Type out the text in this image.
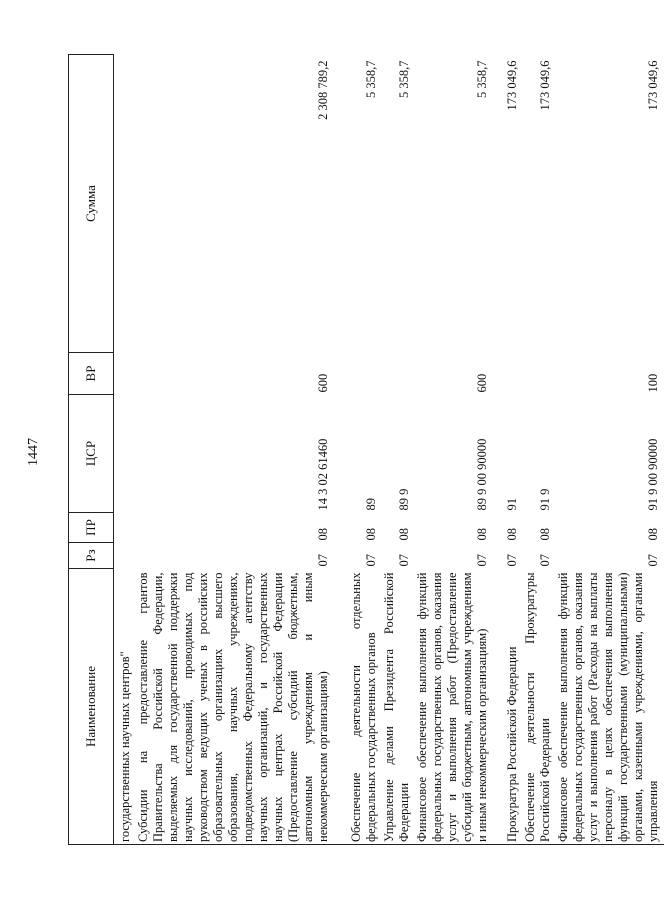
1447
Наименование	Рз	ПР	ЦСР	ВР	Сумма
государственных научных центров"					
Субсидии на предоставление грантов Правительства Российской Федерации, выделяемых для государственной поддержки научных исследований, проводимых под руководством ведущих ученых в российских образовательных организациях высшего образования, научных учреждениях, подведомственных Федеральному агентству научных организаций, и государственных научных центрах Российской Федерации (Предоставление субсидий бюджетным, автономным учреждениям и иным некоммерческим организациям)	07	08	14 3 02 61460	600	2 308 789,2
Обеспечение деятельности отдельных федеральных государственных органов	07	08	89		5 358,7
Управление делами Президента Российской Федерации	07	08	89 9		5 358,7
Финансовое обеспечение выполнения функций федеральных государственных органов, оказания услуг и выполнения работ (Предоставление субсидий бюджетным, автономным учреждениям и иным некоммерческим организациям)	07	08	89 9 00 90000	600	5 358,7
Прокуратура Российской Федерации	07	08	91		173 049,6
Обеспечение деятельности Прокуратуры Российской Федерации	07	08	91 9		173 049,6
Финансовое обеспечение выполнения функций федеральных государственных органов, оказания услуг и выполнения работ (Расходы на выплаты персоналу в целях обеспечения выполнения функций государственными (муниципальными) органами, казенными учреждениями, органами управления	07	08	91 9 00 90000	100	173 049,6
